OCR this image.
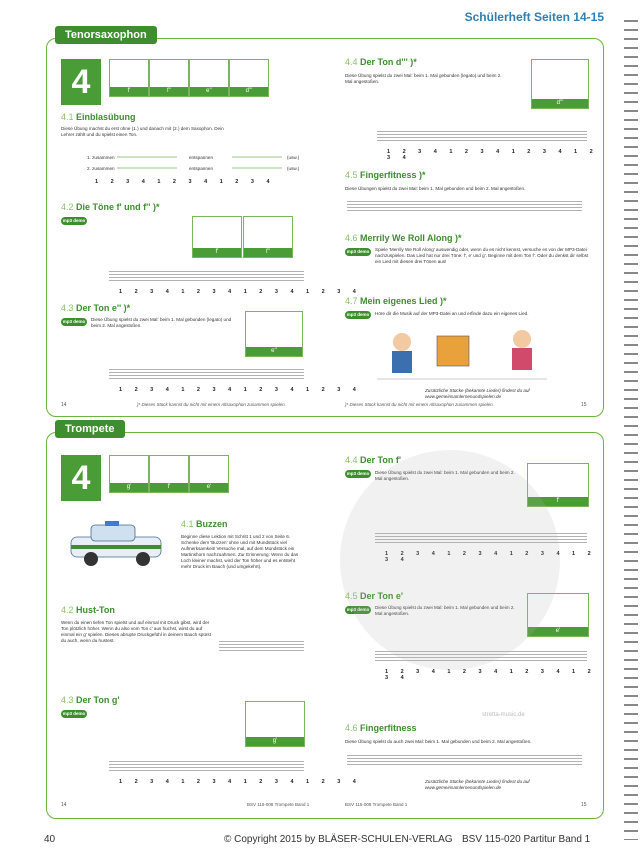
Schülerheft Seiten 14-15
Tenorsaxophon
4	f'	f''	e''	d'''
4.1 Einblasübung
Diese Übung machst du erst ohne (1.) und danach mit (2.) dem Saxophon. Dein Lehrer zählt und du spielst einen Ton.
1. zusammen
2. zusammen
entspannen
entspannen
(usw.)
(usw.)
1 2 3 4 1 2 3 4 1 2 3 4
4.2 Die Töne f' und f'' )*
mp3 demo
f'	f''
1 2 3 4 1 2 3 4 1 2 3 4 1 2 3 4
4.3 Der Ton e'' )*
mp3 demo	Diese Übung spielst du zwei Mal: beim 1. Mal gebunden (legato) und beim 2. Mal angestoßen.
e''
1 2 3 4 1 2 3 4 1 2 3 4 1 2 3 4
4.4 Der Ton d''' )*
Diese Übung spielst du zwei Mal: beim 1. Mal gebunden (legato) und beim 2. Mal angestoßen.
d'''
1 2 3 4 1 2 3 4 1 2 3 4 1 2 3 4
4.5 Fingerfitness )*
Diese Übungen spielst du zwei Mal: beim 1. Mal gebunden und beim 2. Mal angestoßen.
4.6 Merrily We Roll Along )*
mp3 demo	Spiele 'Merrily We Roll Along' auswendig oder, wenn du es nicht kennst, versuche es von der MP3-Datei nachzuspielen. Das Lied hat nur drei Töne: f', e' und g'. Beginne mit dem Ton f'. Oder du denkst dir selbst ein Lied mit diesen drei Tönen aus!
4.7 Mein eigenes Lied )*
mp3 demo	Höre dir die Musik auf der MP3-Datei an und erfinde dazu ein eigenes Lied.
Zusätzliche Stücke (bekannte Lieder) findest du auf www.gemeinsamlernenundspielen.de
14	)* Dieses Stück kannst du nicht mit einem Altsaxophon zusammen spielen.	)* Dieses Stück kannst du nicht mit einem Altsaxophon zusammen spielen.	15
Trompete
4	g'	f'	e'
4.1 Buzzen
Beginne diese Lektion mit Schritt 1 und 2 von Seite 6. Schenke dem 'Buzzen' ohne und mit Mundstück viel Aufmerksamkeit! Versuche mal, auf dem Mundstück ein Martinshorn nachzuahmen. Zur Erinnerung: Wenn du das Loch kleiner machst, wird der Ton höher und es entsteht mehr Druck im Bauch (und umgekehrt).
4.2 Hust-Ton
Wenn du einen tiefen Ton spielst und auf einmal mit Druck gibst, wird der Ton plötzlich höher. Wenn du also vom Ton c' aus huchst, wirst du auf einmal ein g' spielen. Dieses abrupte Druckgefühl in deinem Bauch spürst du auch, wenn du hustest.
4.3 Der Ton g'
mp3 demo
g'
1 2 3 4 1 2 3 4 1 2 3 4 1 2 3 4
4.4 Der Ton f'
mp3 demo	Diese Übung spielst du zwei Mal: beim 1. Mal gebunden und beim 2. Mal angestoßen.
f'
1 2 3 4 1 2 3 4 1 2 3 4 1 2 3 4
4.5 Der Ton e'
mp3 demo	Diese Übung spielst du zwei Mal: beim 1. Mal gebunden und beim 2. Mal angestoßen.
e'
1 2 3 4 1 2 3 4 1 2 3 4 1 2 3 4
4.6 Fingerfitness
Diese Übung spielst du auch zwei Mal: beim 1. Mal gebunden und beim 2. Mal angestoßen.
Zusätzliche Stücke (bekannte Lieder) findest du auf www.gemeinsamlernenundspielen.de
14	BSV 115-008 Trompete Band 1	BSV 115-008 Trompete Band 1	15
stretta-music.de
40	© Copyright 2015 by BLÄSER-SCHULEN-VERLAG BSV 115-020 Partitur Band 1
